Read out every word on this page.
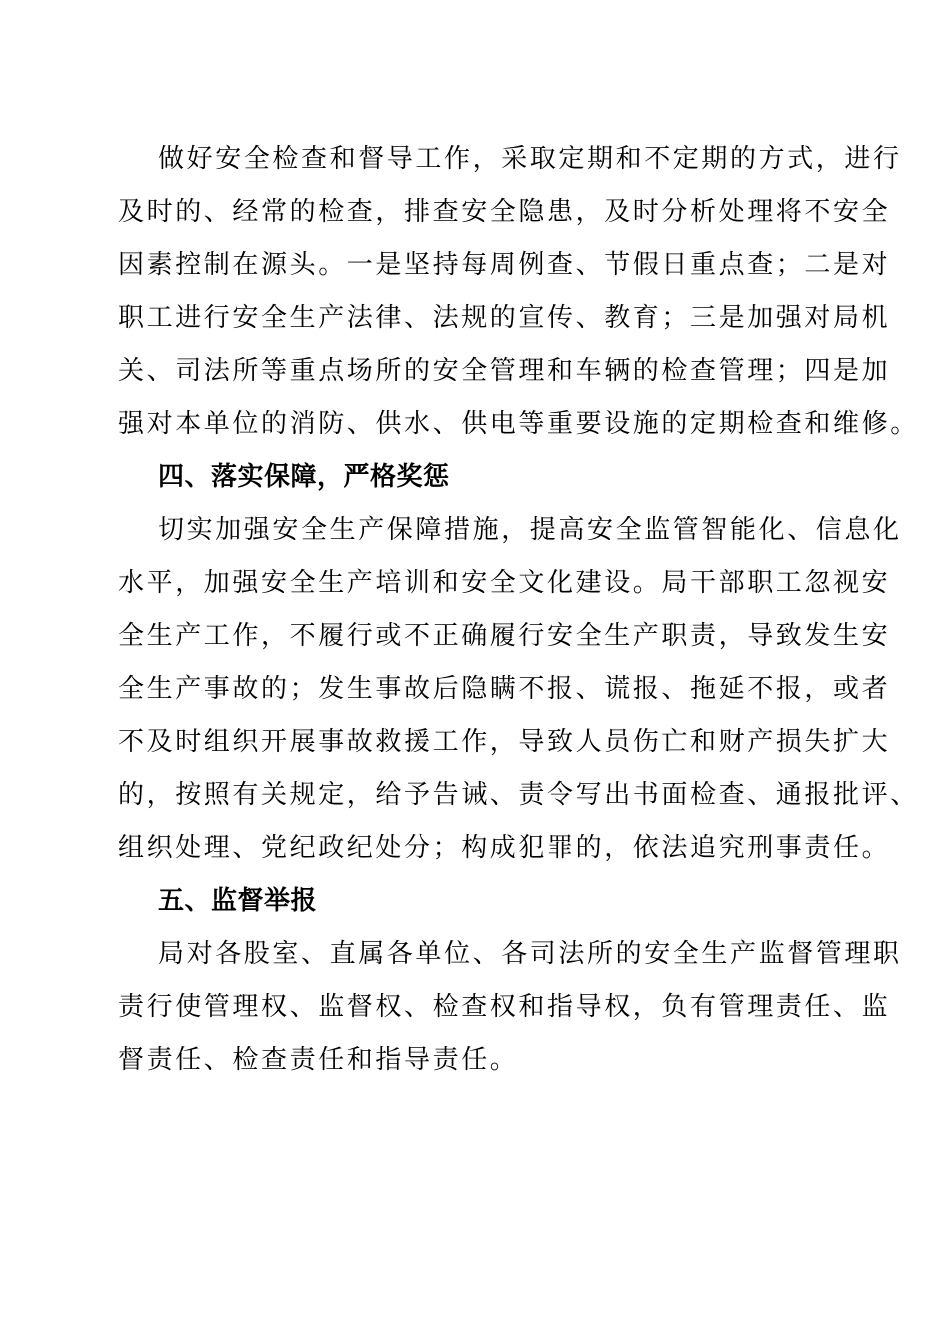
做好安全检查和督导工作，采取定期和不定期的方式，进行
及时的、经常的检查，排查安全隐患，及时分析处理将不安全
因素控制在源头。一是坚持每周例查、节假日重点查；二是对
职工进行安全生产法律、法规的宣传、教育；三是加强对局机
关、司法所等重点场所的安全管理和车辆的检查管理；四是加
强对本单位的消防、供水、供电等重要设施的定期检查和维修。
四、落实保障，严格奖惩
切实加强安全生产保障措施，提高安全监管智能化、信息化
水平，加强安全生产培训和安全文化建设。局干部职工忽视安
全生产工作，不履行或不正确履行安全生产职责，导致发生安
全生产事故的；发生事故后隐瞒不报、谎报、拖延不报，或者
不及时组织开展事故救援工作，导致人员伤亡和财产损失扩大
的，按照有关规定，给予告诫、责令写出书面检查、通报批评、
组织处理、党纪政纪处分；构成犯罪的，依法追究刑事责任。
五、监督举报
局对各股室、直属各单位、各司法所的安全生产监督管理职
责行使管理权、监督权、检查权和指导权，负有管理责任、监
督责任、检查责任和指导责任。
